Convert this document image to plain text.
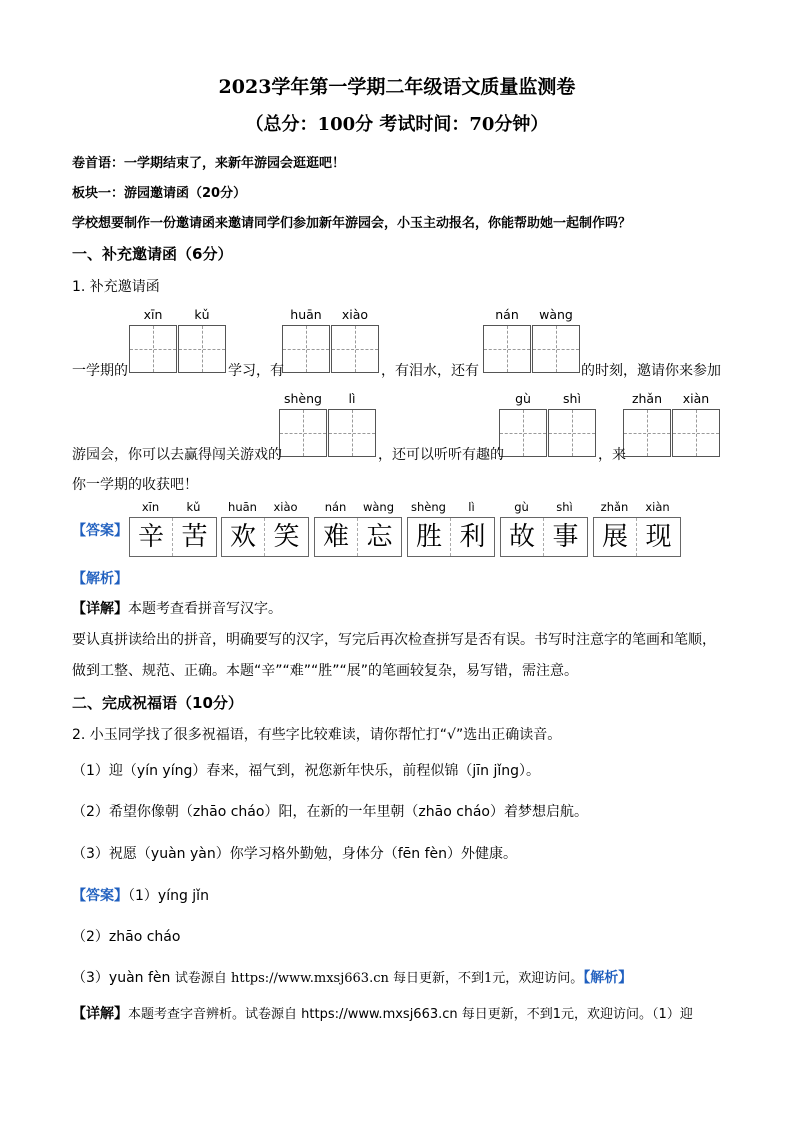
2023学年第一学期二年级语文质量监测卷
（总分：100分 考试时间：70分钟）
卷首语：一学期结束了，来新年游园会逛逛吧！
板块一：游园邀请函（20分）
学校想要制作一份邀请函来邀请同学们参加新年游园会，小玉主动报名，你能帮助她一起制作吗？
一、补充邀请函（6分）
1. 补充邀请函
xīn	kǔ	huān	xiào	nán	wàng
一学期的	学习，有	，有泪水，还有	的时刻，邀请你来参加
shèng	lì	gù	shì	zhǎn	xiàn
游园会，你可以去赢得闯关游戏的	，还可以听听有趣的	，来
你一学期的收获吧！
【答案】
xīn	kǔ	huān	xiào	nán	wàng	shèng	lì	gù	shì	zhǎn	xiàn
辛 苦 欢 笑 难 忘 胜 利 故 事 展 现
【解析】
【详解】本题考查看拼音写汉字。
要认真拼读给出的拼音，明确要写的汉字，写完后再次检查拼写是否有误。书写时注意字的笔画和笔顺，
做到工整、规范、正确。本题“辛”“难”“胜”“展”的笔画较复杂，易写错，需注意。
二、完成祝福语（10分）
2. 小玉同学找了很多祝福语，有些字比较难读，请你帮忙打“√”选出正确读音。
（1）迎（yín yíng）春来，福气到，祝您新年快乐，前程似锦（jīn jǐng）。
（2）希望你像朝（zhāo cháo）阳，在新的一年里朝（zhāo cháo）着梦想启航。
（3）祝愿（yuàn yàn）你学习格外勤勉，身体分（fēn fèn）外健康。
【答案】（1）yíng jǐn
（2）zhāo cháo
（3）yuàn fèn 试卷源自 https://www.mxsj663.cn 每日更新，不到1元，欢迎访问。【解析】
【详解】本题考查字音辨析。试卷源自 https://www.mxsj663.cn 每日更新，不到1元，欢迎访问。（1）迎
